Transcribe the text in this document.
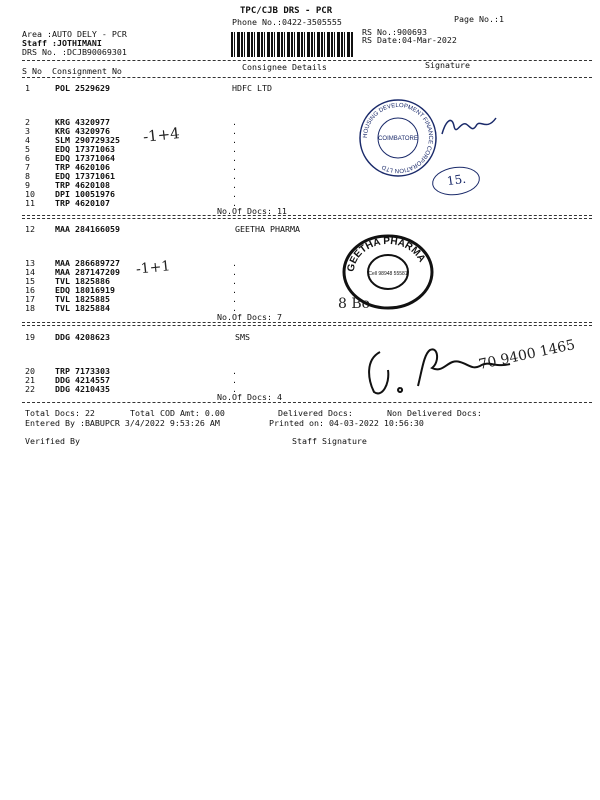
TPC/CJB DRS - PCR
Phone No.:0422-3505555	Page No.:1
Area :AUTO DELY - PCR
Staff :JOTHIMANI
DRS No. :DCJB90069301
RS No.:900693
RS Date:04-Mar-2022
S No Consignment No	Consignee Details	Signature
1	POL 2529629	HDFC LTD
2	KRG 4320977	.
3	KRG 4320976	.
4	SLM 290729325	.
5	EDQ 17371063	.
6	EDQ 17371064	.
7	TRP 4620106	.
8	EDQ 17371061	.
9	TRP 4620108	.
10 DPI 10051976	.
11 TRP 4620107	.
No.Of Docs: 11
12 MAA 284166059	GEETHA PHARMA
13 MAA 286689727	.
14 MAA 287147209	.
15 TVL 1825886	.
16 EDQ 18016919	.
17 TVL 1825885	.
18 TVL 1825884	.
No.Of Docs: 7
19 DDG 4208623	SMS
20 TRP 7173303	.
21 DDG 4214557	.
22 DDG 4210435	.
No.Of Docs: 4
Total Docs: 22	Total COD Amt: 0.00	Delivered Docs:	Non Delivered Docs:
Entered By :BABUPCR 3/4/2022 9:53:26 AM	Printed on: 04-03-2022 10:56:30
Verified By	Staff Signature
-1+4
-1+1
15.
8 Bo
70 9400 1465
HOUSING DEVELOPMENT FINANCE CORPORATION LTD
COIMBATORE
GEETHA PHARMA
Cell 98948 55581
